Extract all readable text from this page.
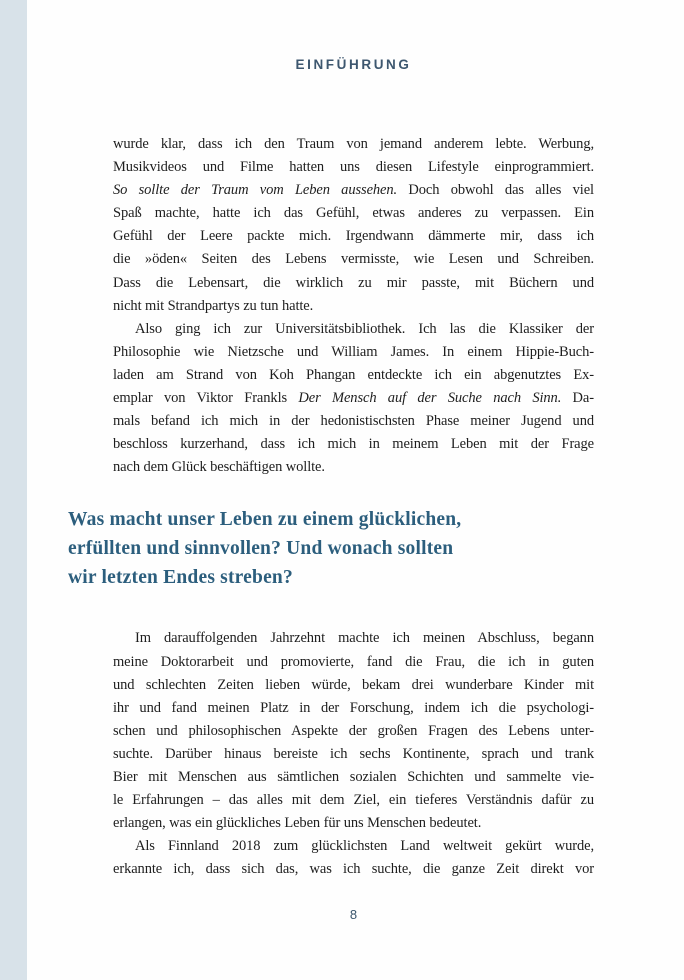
EINFÜHRUNG
wurde klar, dass ich den Traum von jemand anderem lebte. Werbung,
Musikvideos und Filme hatten uns diesen Lifestyle einprogrammiert.
So sollte der Traum vom Leben aussehen. Doch obwohl das alles viel
Spaß machte, hatte ich das Gefühl, etwas anderes zu verpassen. Ein
Gefühl der Leere packte mich. Irgendwann dämmerte mir, dass ich
die »öden« Seiten des Lebens vermisste, wie Lesen und Schreiben.
Dass die Lebensart, die wirklich zu mir passte, mit Büchern und
nicht mit Strandpartys zu tun hatte.
Also ging ich zur Universitätsbibliothek. Ich las die Klassiker der
Philosophie wie Nietzsche und William James. In einem Hippie-Buch-
laden am Strand von Koh Phangan entdeckte ich ein abgenutztes Ex-
emplar von Viktor Frankls Der Mensch auf der Suche nach Sinn. Da-
mals befand ich mich in der hedonistischsten Phase meiner Jugend und
beschloss kurzerhand, dass ich mich in meinem Leben mit der Frage
nach dem Glück beschäftigen wollte.
Was macht unser Leben zu einem glücklichen,
erfüllten und sinnvollen? Und wonach sollten
wir letzten Endes streben?
Im darauffolgenden Jahrzehnt machte ich meinen Abschluss, begann
meine Doktorarbeit und promovierte, fand die Frau, die ich in guten
und schlechten Zeiten lieben würde, bekam drei wunderbare Kinder mit
ihr und fand meinen Platz in der Forschung, indem ich die psychologi-
schen und philosophischen Aspekte der großen Fragen des Lebens unter-
suchte. Darüber hinaus bereiste ich sechs Kontinente, sprach und trank
Bier mit Menschen aus sämtlichen sozialen Schichten und sammelte vie-
le Erfahrungen – das alles mit dem Ziel, ein tieferes Verständnis dafür zu
erlangen, was ein glückliches Leben für uns Menschen bedeutet.
Als Finnland 2018 zum glücklichsten Land weltweit gekürt wurde,
erkannte ich, dass sich das, was ich suchte, die ganze Zeit direkt vor
8
